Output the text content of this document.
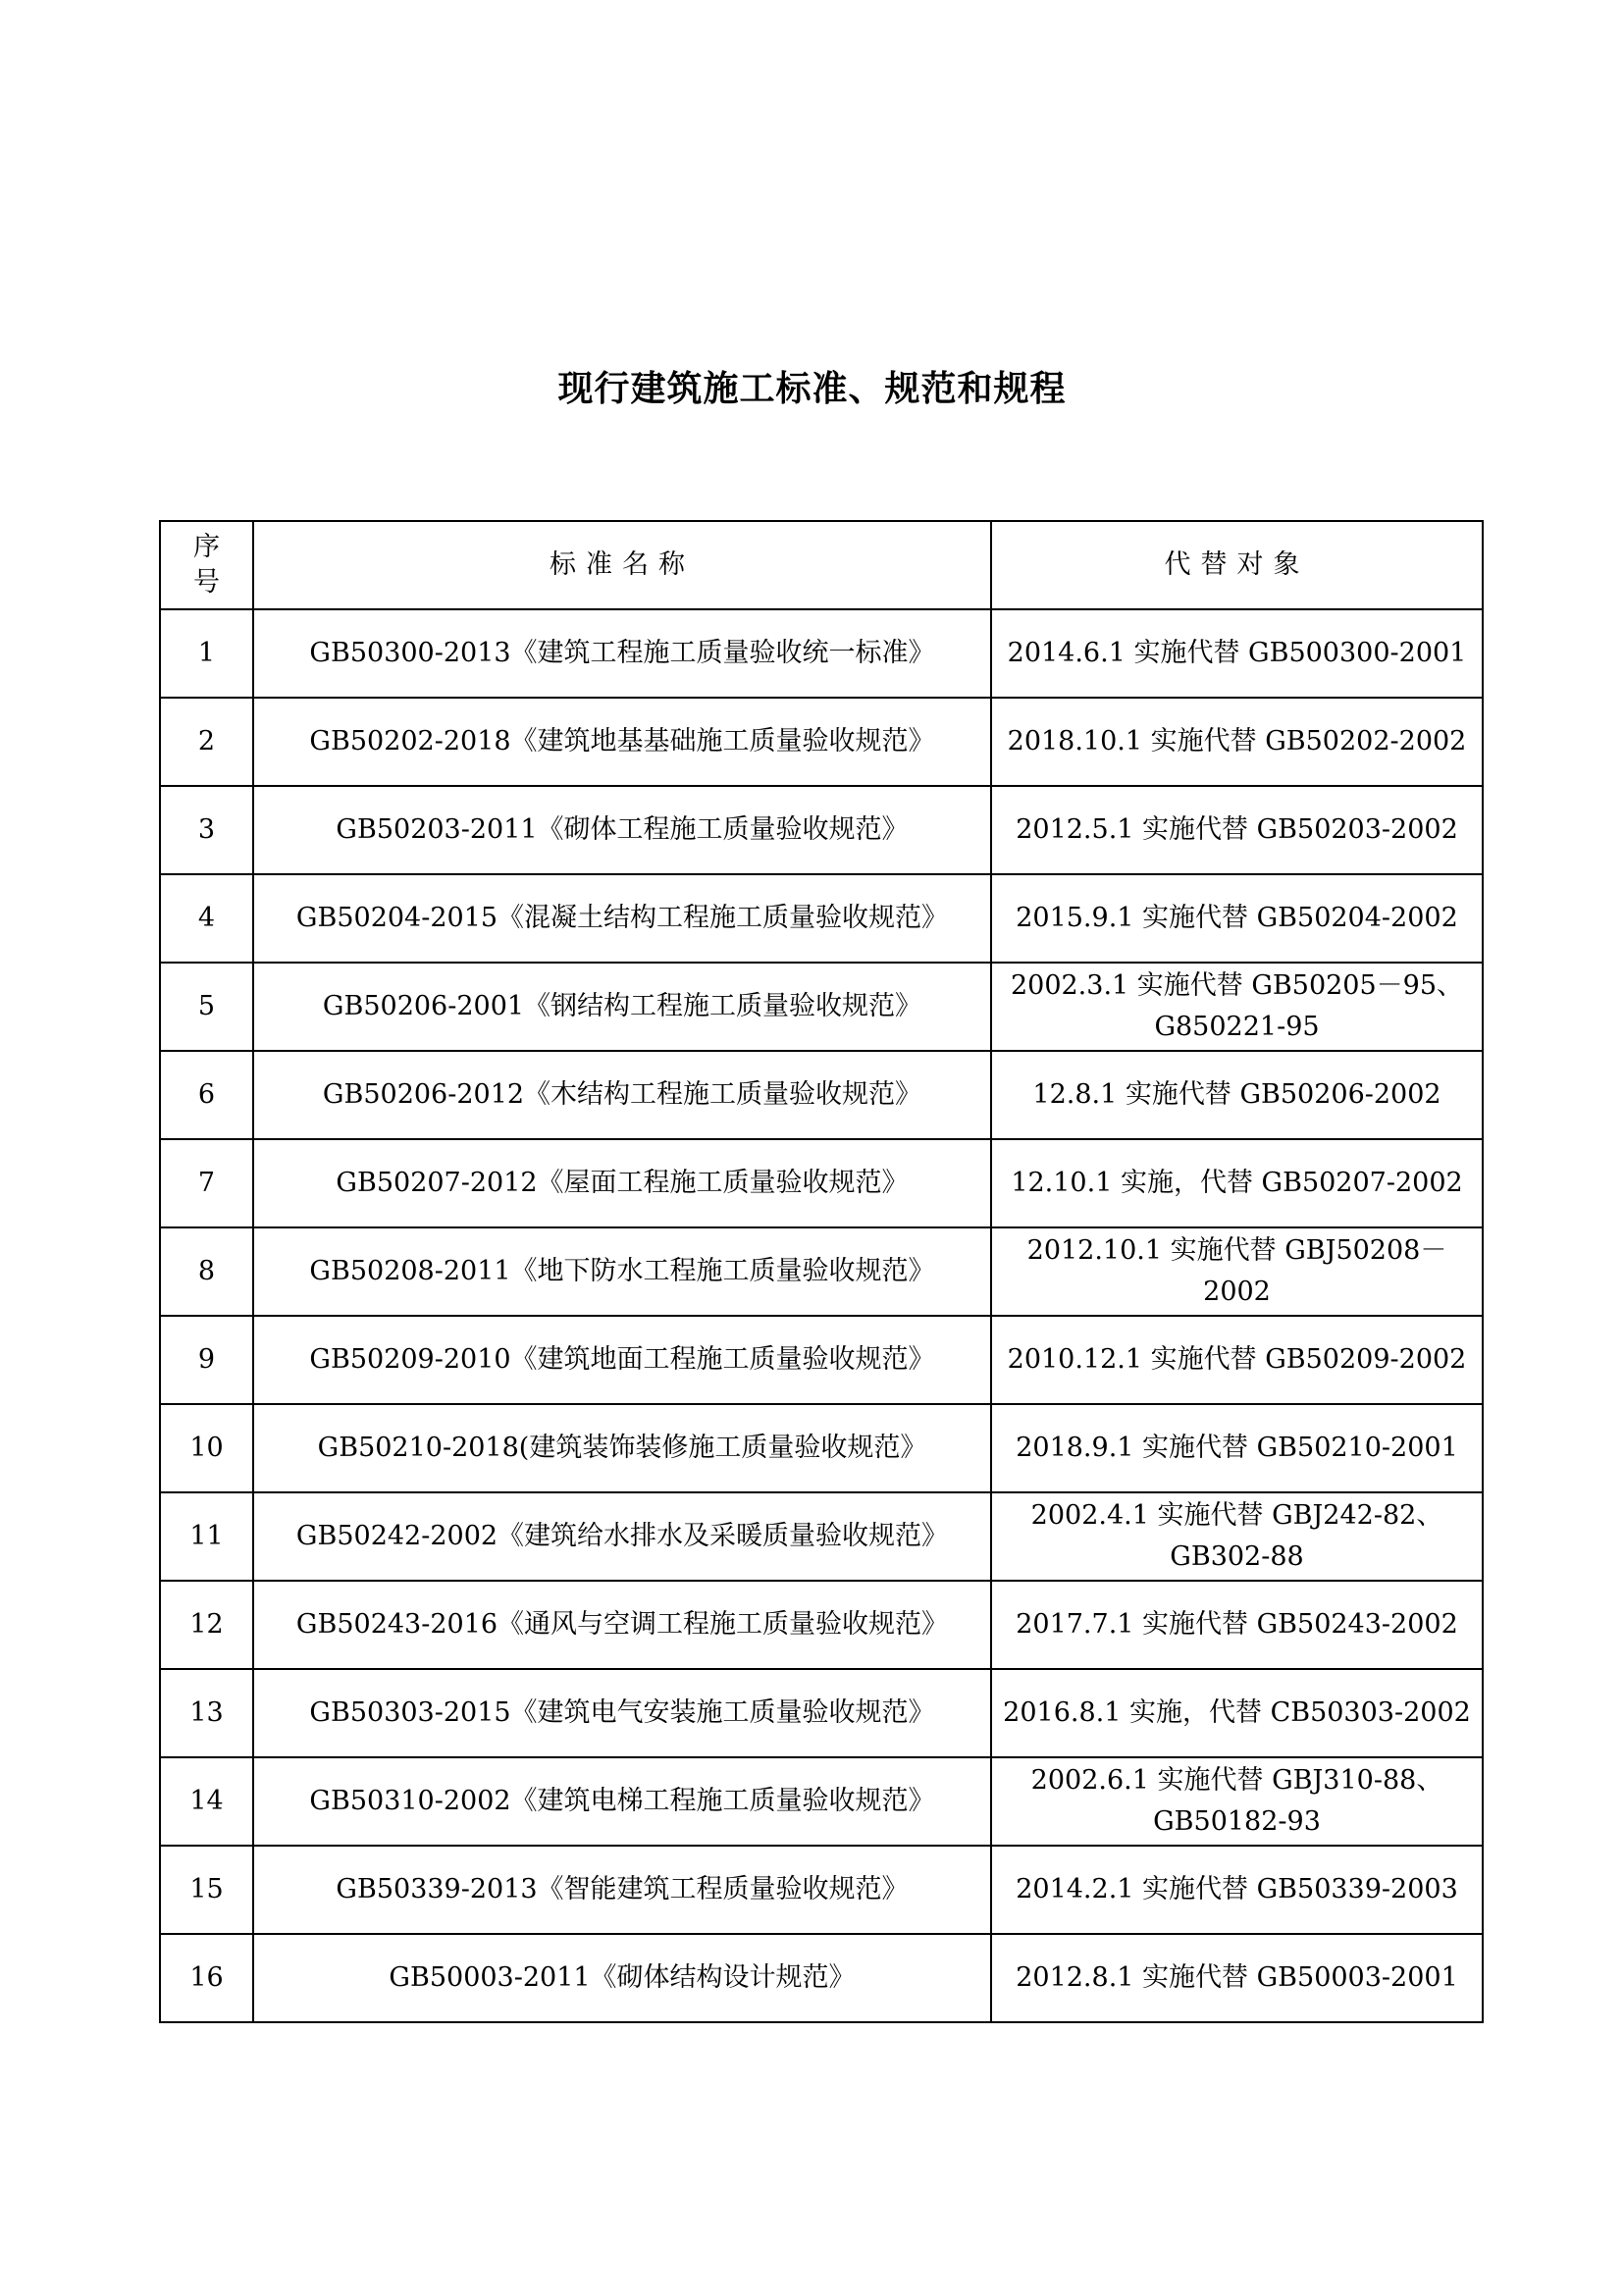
现行建筑施工标准、规范和规程
序
号	标准名称	代替对象
1	GB50300-2013《建筑工程施工质量验收统一标准》	2014.6.1 实施代替 GB500300-2001

2	GB50202-2018《建筑地基基础施工质量验收规范》	2018.10.1 实施代替 GB50202-2002

3	GB50203-2011《砌体工程施工质量验收规范》	2012.5.1 实施代替 GB50203-2002

4	GB50204-2015《混凝土结构工程施工质量验收规范》	2015.9.1 实施代替 GB50204-2002

5	GB50206-2001《钢结构工程施工质量验收规范》	2002.3.1 实施代替 GB50205－95、
G850221-95

6	GB50206-2012《木结构工程施工质量验收规范》	12.8.1 实施代替 GB50206-2002

7	GB50207-2012《屋面工程施工质量验收规范》	12.10.1 实施，代替 GB50207-2002

8	GB50208-2011《地下防水工程施工质量验收规范》	2012.10.1 实施代替 GBJ50208－2002

9	GB50209-2010《建筑地面工程施工质量验收规范》	2010.12.1 实施代替 GB50209-2002

10	GB50210-2018(建筑装饰装修施工质量验收规范》	2018.9.1 实施代替 GB50210-2001

11	GB50242-2002《建筑给水排水及采暖质量验收规范》	2002.4.1 实施代替 GBJ242-82、
GB302-88

12	GB50243-2016《通风与空调工程施工质量验收规范》	2017.7.1 实施代替 GB50243-2002

13	GB50303-2015《建筑电气安装施工质量验收规范》	2016.8.1 实施，代替 CB50303-2002

14	GB50310-2002《建筑电梯工程施工质量验收规范》	2002.6.1 实施代替 GBJ310-88、
GB50182-93

15	GB50339-2013《智能建筑工程质量验收规范》	2014.2.1 实施代替 GB50339-2003

16	GB50003-2011《砌体结构设计规范》	2012.8.1 实施代替 GB50003-2001
